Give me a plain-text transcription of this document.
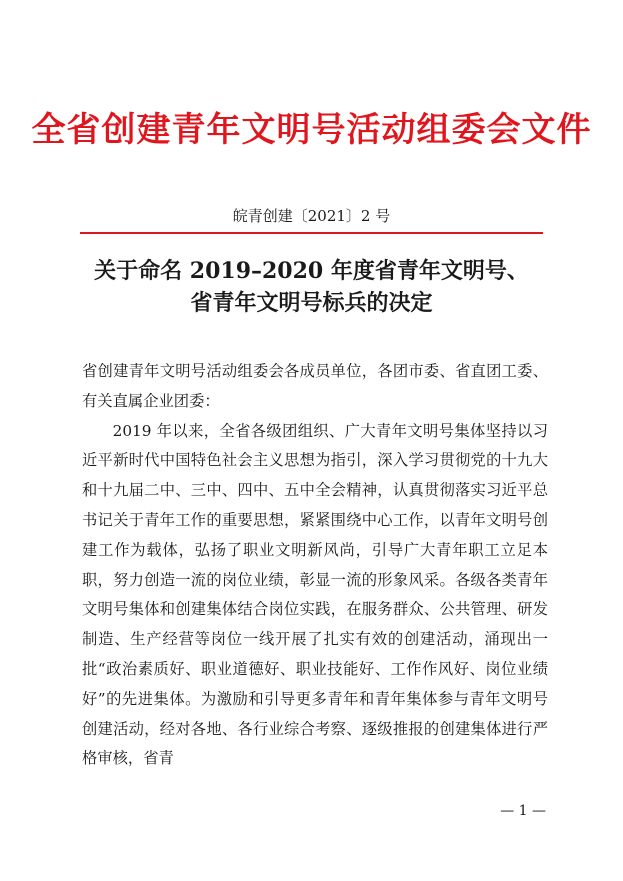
全省创建青年文明号活动组委会文件
皖青创建〔2021〕2 号
关于命名 2019–2020 年度省青年文明号、
省青年文明号标兵的决定

省创建青年文明号活动组委会各成员单位，各团市委、省直团工委、有关直属企业团委：

2019 年以来，全省各级团组织、广大青年文明号集体坚持以习近平新时代中国特色社会主义思想为指引，深入学习贯彻党的十九大和十九届二中、三中、四中、五中全会精神，认真贯彻落实习近平总书记关于青年工作的重要思想，紧紧围绕中心工作，以青年文明号创建工作为载体，弘扬了职业文明新风尚，引导广大青年职工立足本职，努力创造一流的岗位业绩，彰显一流的形象风采。各级各类青年文明号集体和创建集体结合岗位实践，在服务群众、公共管理、研发制造、生产经营等岗位一线开展了扎实有效的创建活动，涌现出一批“政治素质好、职业道德好、职业技能好、工作作风好、岗位业绩好”的先进集体。为激励和引导更多青年和青年集体参与青年文明号创建活动，经对各地、各行业综合考察、逐级推报的创建集体进行严格审核，省青

— 1 —
